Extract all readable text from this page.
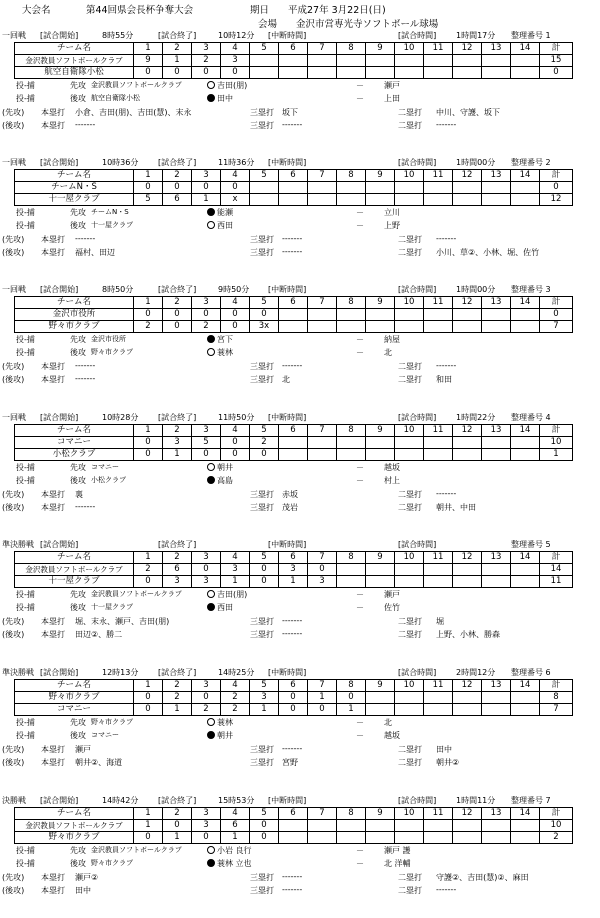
大会名	第44回県会長杯争奪大会	期日 平成27年 3月22日(日)
会場 金沢市営専光寺ソフトボール球場
一回戦 [試合開始]	8時55分	[試合終了]	10時12分 [中断時間]	[試合時間] 1時間17分 整理番号 1
チーム名	1	2	3	4	5	6	7	8	9	10	11	12	13	14	計
金沢教員ソフトボールクラブ	9	1	2	3											15
航空自衛隊小松	0	0	0	0											0
投-捕	先攻 金沢教員ソフトボールクラブ	吉田(朋)	－	瀬戸
投-捕	後攻 航空自衛隊小松	田中	－	上田
(先攻) 本塁打 小倉、吉田(朋)、吉田(慧)、末永	三塁打 坂下	二塁打 中川、守護、坂下
(後攻) 本塁打 -------	三塁打 -------	二塁打 -------
一回戦 [試合開始]	10時36分 [試合終了]	11時36分 [中断時間]	[試合時間] 1時間00分 整理番号 2
チーム名	1	2	3	4	5	6	7	8	9	10	11	12	13	14	計
チームN・S	0	0	0	0											0
十一屋クラブ	5	6	1	x											12
投-捕	先攻 チームN・S	能瀬	－	立川
投-捕	後攻 十一屋クラブ	西田	－	上野
(先攻) 本塁打 -------	三塁打 -------	二塁打 -------
(後攻) 本塁打 福村、田辺	三塁打 -------	二塁打 小川、草②、小林、堀、佐竹
一回戦 [試合開始]	8時50分	[試合終了]	9時50分 [中断時間]	[試合時間] 1時間00分 整理番号 3
チーム名	1	2	3	4	5	6	7	8	9	10	11	12	13	14	計
金沢市役所	0	0	0	0	0										0
野々市クラブ	2	0	2	0	3x										7
投-捕	先攻 金沢市役所	宮下	－	納屋
投-捕	後攻 野々市クラブ	蓑林	－	北
(先攻) 本塁打 -------	三塁打 -------	二塁打 -------
(後攻) 本塁打 -------	三塁打 北	二塁打 和田
一回戦 [試合開始]	10時28分 [試合終了]	11時50分 [中断時間]	[試合時間] 1時間22分 整理番号 4
チーム名	1	2	3	4	5	6	7	8	9	10	11	12	13	14	計
コマニー	0	3	5	0	2										10
小松クラブ	0	1	0	0	0										1
投-捕	先攻 コマニー	朝井	－	越坂
投-捕	後攻 小松クラブ	高島	－	村上
(先攻) 本塁打 裏	三塁打 赤坂	二塁打 -------
(後攻) 本塁打 -------	三塁打 茂岩	二塁打 朝井、中田
準決勝戦 [試合開始]	[試合終了]	[中断時間]	[試合時間]	整理番号 5
チーム名	1	2	3	4	5	6	7	8	9	10	11	12	13	14	計
金沢教員ソフトボールクラブ	2	6	0	3	0	3	0								14
十一屋クラブ	0	3	3	1	0	1	3								11
投-捕	先攻 金沢教員ソフトボールクラブ	吉田(朋)	－	瀬戸
投-捕	後攻 十一屋クラブ	西田	－	佐竹
(先攻) 本塁打 堀、末永、瀬戸、吉田(朋)	三塁打 -------	二塁打 堀
(後攻) 本塁打 田辺②、勝二	三塁打 -------	二塁打 上野、小林、勝森
準決勝戦 [試合開始]	12時13分 [試合終了]	14時25分 [中断時間]	[試合時間] 2時間12分 整理番号 6
チーム名	1	2	3	4	5	6	7	8	9	10	11	12	13	14	計
野々市クラブ	0	2	0	2	3	0	1	0							8
コマニー	0	1	2	2	1	0	0	1							7
投-捕	先攻 野々市クラブ	蓑林	－	北
投-捕	後攻 コマニー	朝井	－	越坂
(先攻) 本塁打 瀬戸	三塁打 -------	二塁打 田中
(後攻) 本塁打 朝井②、海道	三塁打 宮野	二塁打 朝井②
決勝戦 [試合開始]	14時42分 [試合終了]	15時53分 [中断時間]	[試合時間] 1時間11分 整理番号 7
チーム名	1	2	3	4	5	6	7	8	9	10	11	12	13	14	計
金沢教員ソフトボールクラブ	1	0	3	6	0										10
野々市クラブ	0	1	0	1	0										2
投-捕	先攻 金沢教員ソフトボールクラブ	小岩 良行	－	瀬戸 護
投-捕	後攻 野々市クラブ	蓑林 立也	－	北 洋輔
(先攻) 本塁打 瀬戸②	三塁打 -------	二塁打 守護②、吉田(慧)②、麻田
(後攻) 本塁打 田中	三塁打 -------	二塁打 -------
